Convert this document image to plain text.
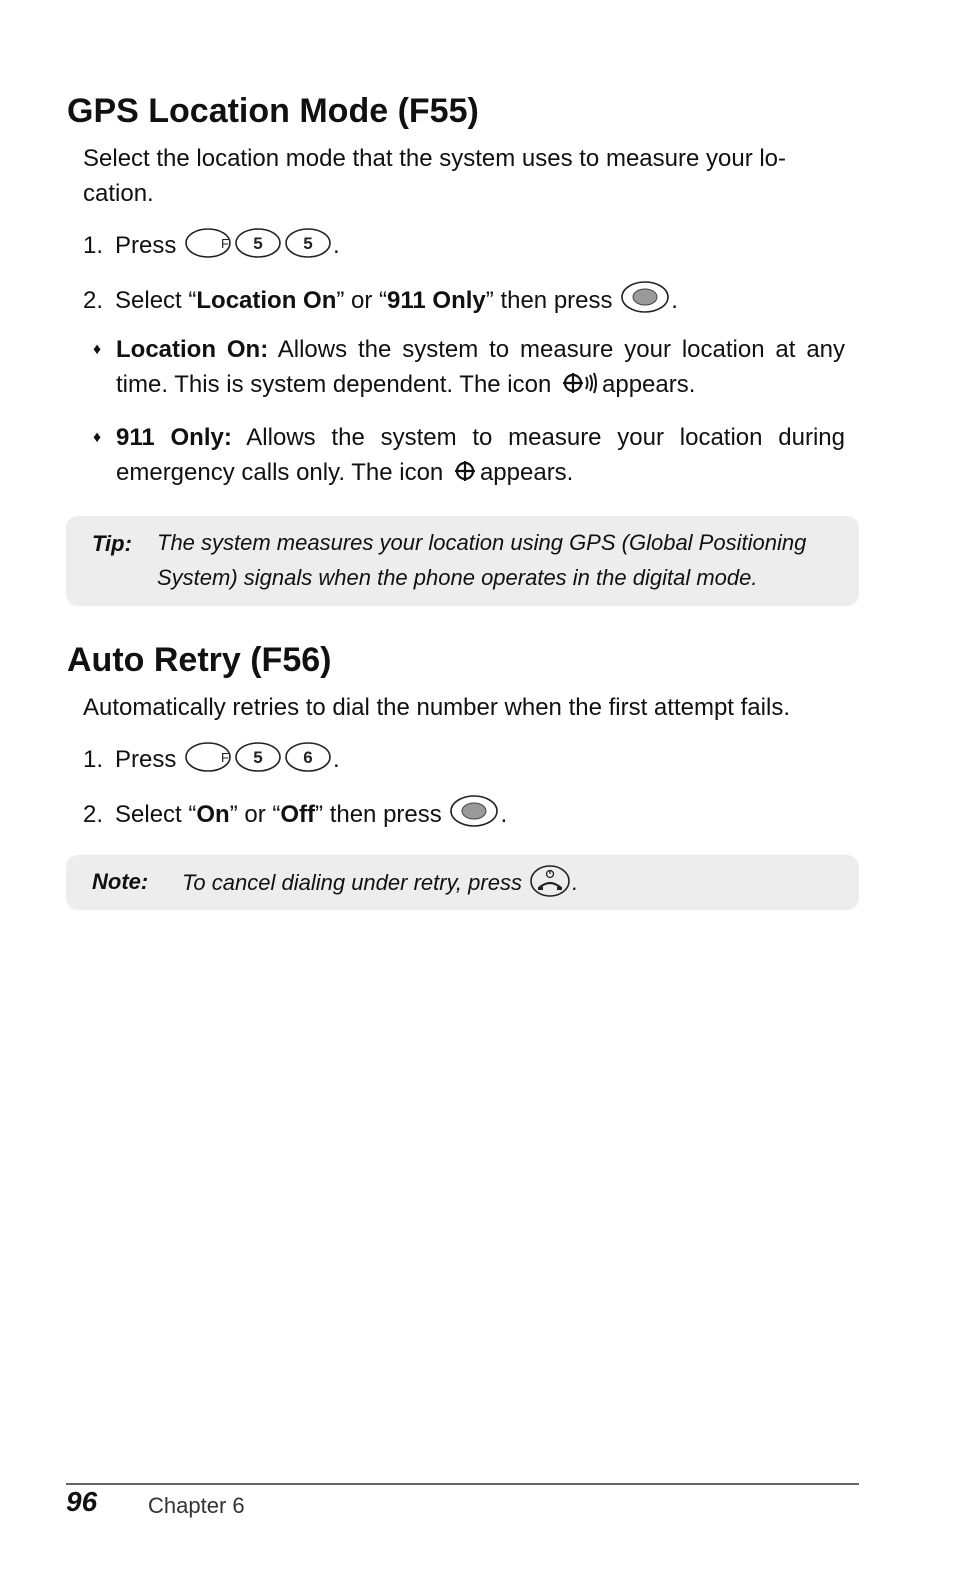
GPS Location Mode (F55)

Select the location mode that the system uses to measure your lo-cation.

1. Press	F 5 5 .
2. Select “Location On” or “911 Only” then press .
♦ Location On: Allows the system to measure your location at any time. This is system dependent. The icon appears.
♦ 911 Only: Allows the system to measure your location during emergency calls only. The icon appears.
Tip: The system measures your location using GPS (Global Positioning System) signals when the phone operates in the digital mode.
Auto Retry (F56)

Automatically retries to dial the number when the first attempt fails.

1. Press	F 5 6 .
2. Select “On” or “Off” then press .
Note: To cancel dialing under retry, press .
96 Chapter 6
